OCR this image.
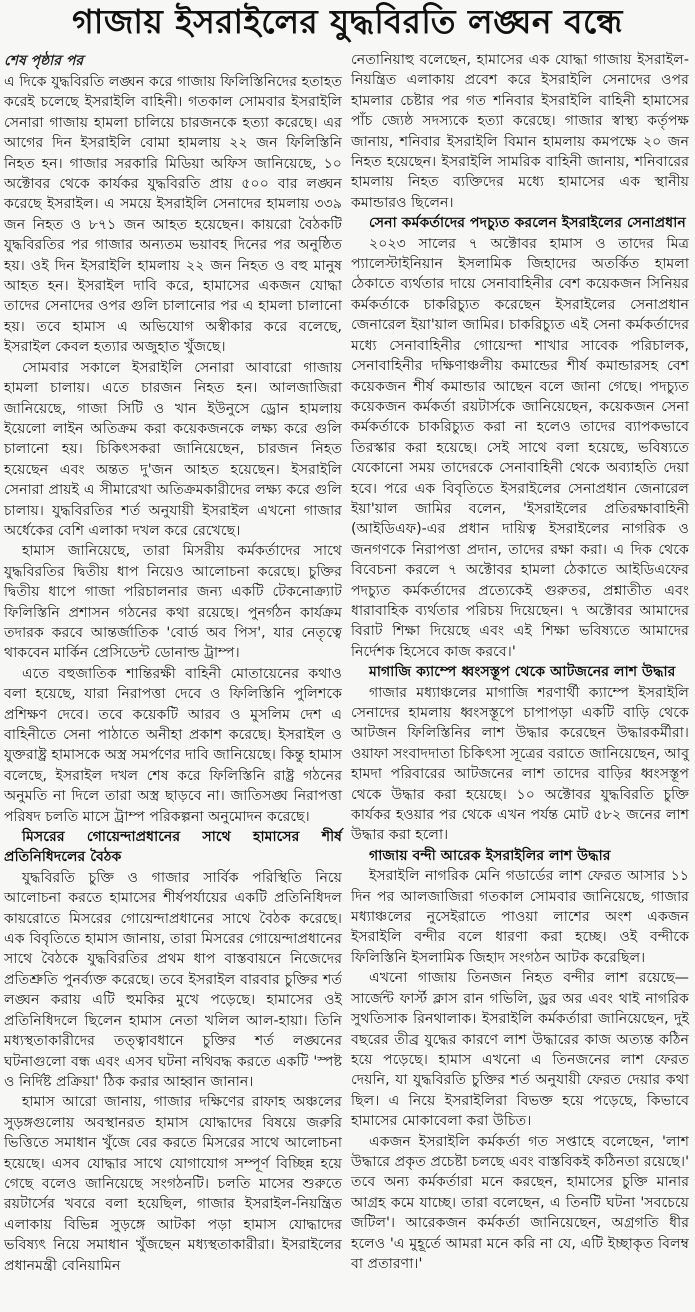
গাজায় ইসরাইলের যুদ্ধবিরতি লঙ্ঘন বন্ধে
শেষ পৃষ্ঠার পর

এ দিকে যুদ্ধবিরতি লঙ্ঘন করে গাজায় ফিলিস্তিনিদের হতাহত করেই চলেছে ইসরাইলি বাহিনী। গতকাল সোমবার ইসরাইলি সেনারা গাজায় হামলা চালিয়ে চারজনকে হত্যা করেছে। এর আগের দিন ইসরাইলি বোমা হামলায় ২২ জন ফিলিস্তিনি নিহত হন। গাজার সরকারি মিডিয়া অফিস জানিয়েছে, ১০ অক্টোবর থেকে কার্যকর যুদ্ধবিরতি প্রায় ৫০০ বার লঙ্ঘন করেছে ইসরাইল। এ সময়ে ইসরাইলি সেনাদের হামলায় ৩৩৯ জন নিহত ও ৮৭১ জন আহত হয়েছেন। কায়রো বৈঠকটি যুদ্ধবিরতির পর গাজার অন্যতম ভয়াবহ দিনের পর অনুষ্ঠিত হয়। ওই দিন ইসরাইলি হামলায় ২২ জন নিহত ও বহু মানুষ আহত হন। ইসরাইল দাবি করে, হামাসের একজন যোদ্ধা তাদের সেনাদের ওপর গুলি চালানোর পর এ হামলা চালানো হয়। তবে হামাস এ অভিযোগ অস্বীকার করে বলেছে, ইসরাইল কেবল হত্যার অজুহাত খুঁজছে।

সোমবার সকালে ইসরাইলি সেনারা আবারো গাজায় হামলা চালায়। এতে চারজন নিহত হন। আলজাজিরা জানিয়েছে, গাজা সিটি ও খান ইউনুসে ড্রোন হামলায় ইয়েলো লাইন অতিক্রম করা কয়েকজনকে লক্ষ্য করে গুলি চালানো হয়। চিকিৎসকরা জানিয়েছেন, চারজন নিহত হয়েছেন এবং অন্তত দু'জন আহত হয়েছেন। ইসরাইলি সেনারা প্রায়ই এ সীমারেখা অতিক্রমকারীদের লক্ষ্য করে গুলি চালায়। যুদ্ধবিরতির শর্ত অনুযায়ী ইসরাইল এখনো গাজার অর্ধেকের বেশি এলাকা দখল করে রেখেছে।

হামাস জানিয়েছে, তারা মিসরীয় কর্মকর্তাদের সাথে যুদ্ধবিরতির দ্বিতীয় ধাপ নিয়েও আলোচনা করেছে। চুক্তির দ্বিতীয় ধাপে গাজা পরিচালনার জন্য একটি টেকনোক্র্যাট ফিলিস্তিনি প্রশাসন গঠনের কথা রয়েছে। পুনর্গঠন কার্যক্রম তদারক করবে আন্তর্জাতিক 'বোর্ড অব পিস', যার নেতৃত্বে থাকবেন মার্কিন প্রেসিডেন্ট ডোনাল্ড ট্রাম্প।

এতে বহুজাতিক শান্তিরক্ষী বাহিনী মোতায়েনের কথাও বলা হয়েছে, যারা নিরাপত্তা দেবে ও ফিলিস্তিনি পুলিশকে প্রশিক্ষণ দেবে। তবে কয়েকটি আরব ও মুসলিম দেশ এ বাহিনীতে সেনা পাঠাতে অনীহা প্রকাশ করেছে। ইসরাইল ও যুক্তরাষ্ট্র হামাসকে অস্ত্র সমর্পণের দাবি জানিয়েছে। কিন্তু হামাস বলেছে, ইসরাইল দখল শেষ করে ফিলিস্তিনি রাষ্ট্র গঠনের অনুমতি না দিলে তারা অস্ত্র ছাড়বে না। জাতিসঙ্ঘ নিরাপত্তা পরিষদ চলতি মাসে ট্রাম্প পরিকল্পনা অনুমোদন করেছে।

মিসরের গোয়েন্দাপ্রধানের সাথে হামাসের শীর্ষ প্রতিনিধিদলের বৈঠক

যুদ্ধবিরতি চুক্তি ও গাজার সার্বিক পরিস্থিতি নিয়ে আলোচনা করতে হামাসের শীর্ষপর্যায়ের একটি প্রতিনিধিদল কায়রোতে মিসরের গোয়েন্দাপ্রধানের সাথে বৈঠক করেছে। এক বিবৃতিতে হামাস জানায়, তারা মিসরের গোয়েন্দাপ্রধানের সাথে বৈঠকে যুদ্ধবিরতির প্রথম ধাপ বাস্তবায়নে নিজেদের প্রতিশ্রুতি পুনর্ব্যক্ত করেছে। তবে ইসরাইল বারবার চুক্তির শর্ত লঙ্ঘন করায় এটি হুমকির মুখে পড়েছে। হামাসের ওই প্রতিনিধিদলে ছিলেন হামাস নেতা খলিল আল-হায়া। তিনি মধ্যস্থতাকারীদের তত্ত্বাবধানে চুক্তির শর্ত লঙ্ঘনের ঘটনাগুলো বন্ধ এবং এসব ঘটনা নথিবদ্ধ করতে একটি 'স্পষ্ট ও নির্দিষ্ট প্রক্রিয়া' ঠিক করার আহ্বান জানান।

হামাস আরো জানায়, গাজার দক্ষিণের রাফাহ অঞ্চলের সুড়ঙ্গগুলোয় অবস্থানরত হামাস যোদ্ধাদের বিষয়ে জরুরি ভিত্তিতে সমাধান খুঁজে বের করতে মিসরের সাথে আলোচনা হয়েছে। এসব যোদ্ধার সাথে যোগাযোগ সম্পূর্ণ বিচ্ছিন্ন হয়ে গেছে বলেও জানিয়েছে সংগঠনটি। চলতি মাসের শুরুতে রয়টার্সের খবরে বলা হয়েছিল, গাজার ইসরাইল-নিয়ন্ত্রিত এলাকায় বিভিন্ন সুড়ঙ্গে আটকা পড়া হামাস যোদ্ধাদের ভবিষ্যৎ নিয়ে সমাধান খুঁজছেন মধ্যস্থতাকারীরা। ইসরাইলের প্রধানমন্ত্রী বেনিয়ামিন

নেতানিয়াহু বলেছেন, হামাসের এক যোদ্ধা গাজায় ইসরাইল-নিয়ন্ত্রিত এলাকায় প্রবেশ করে ইসরাইলি সেনাদের ওপর হামলার চেষ্টার পর গত শনিবার ইসরাইলি বাহিনী হামাসের পাঁচ জ্যেষ্ঠ সদস্যকে হত্যা করেছে। গাজার স্বাস্থ্য কর্তৃপক্ষ জানায়, শনিবার ইসরাইলি বিমান হামলায় কমপক্ষে ২০ জন নিহত হয়েছেন। ইসরাইলি সামরিক বাহিনী জানায়, শনিবারের হামলায় নিহত ব্যক্তিদের মধ্যে হামাসের এক স্থানীয় কমান্ডারও ছিলেন।

সেনা কর্মকর্তাদের পদচ্যুত করলেন ইসরাইলের সেনাপ্রধান

২০২৩ সালের ৭ অক্টোবর হামাস ও তাদের মিত্র প্যালেস্টাইনিয়ান ইসলামিক জিহাদের অতর্কিত হামলা ঠেকাতে ব্যর্থতার দায়ে সেনাবাহিনীর বেশ কয়েকজন সিনিয়র কর্মকর্তাকে চাকরিচ্যুত করেছেন ইসরাইলের সেনাপ্রধান জেনারেল ইয়া'য়াল জামির। চাকরিচ্যুত এই সেনা কর্মকর্তাদের মধ্যে সেনাবাহিনীর গোয়েন্দা শাখার সাবেক পরিচালক, সেনাবাহিনীর দক্ষিণাঞ্চলীয় কমান্ডের শীর্ষ কমান্ডারসহ বেশ কয়েকজন শীর্ষ কমান্ডার আছেন বলে জানা গেছে। পদচ্যুত কয়েকজন কর্মকর্তা রয়টার্সকে জানিয়েছেন, কয়েকজন সেনা কর্মকর্তাকে চাকরিচ্যুত করা না হলেও তাদের ব্যাপকভাবে তিরস্কার করা হয়েছে। সেই সাথে বলা হয়েছে, ভবিষ্যতে যেকোনো সময় তাদেরকে সেনাবাহিনী থেকে অব্যাহতি দেয়া হবে। পরে এক বিবৃতিতে ইসরাইলের সেনাপ্রধান জেনারেল ইয়া'য়াল জামির বলেন, 'ইসরাইলের প্রতিরক্ষাবাহিনী (আইডিএফ)-এর প্রধান দায়িত্ব ইসরাইলের নাগরিক ও জনগণকে নিরাপত্তা প্রদান, তাদের রক্ষা করা। এ দিক থেকে বিবেচনা করলে ৭ অক্টোবর হামলা ঠেকাতে আইডিএফের পদচ্যুত কর্মকর্তাদের প্রত্যেকেই গুরুতর, প্রশ্নাতীত এবং ধারাবাহিক ব্যর্থতার পরিচয় দিয়েছেন। ৭ অক্টোবর আমাদের বিরাট শিক্ষা দিয়েছে এবং এই শিক্ষা ভবিষ্যতে আমাদের নির্দেশক হিসেবে কাজ করবে।'

মাগাজি ক্যাম্পে ধ্বংসস্তূপ থেকে আটজনের লাশ উদ্ধার

গাজার মধ্যাঞ্চলের মাগাজি শরণার্থী ক্যাম্পে ইসরাইলি সেনাদের হামলায় ধ্বংসস্তূপে চাপাপড়া একটি বাড়ি থেকে আটজন ফিলিস্তিনির লাশ উদ্ধার করেছেন উদ্ধারকর্মীরা। ওয়াফা সংবাদদাতা চিকিৎসা সূত্রের বরাতে জানিয়েছেন, আবু হামদা পরিবারের আটজনের লাশ তাদের বাড়ির ধ্বংসস্তূপ থেকে উদ্ধার করা হয়েছে। ১০ অক্টোবর যুদ্ধবিরতি চুক্তি কার্যকর হওয়ার পর থেকে এখন পর্যন্ত মোট ৫৮২ জনের লাশ উদ্ধার করা হলো।

গাজায় বন্দী আরেক ইসরাইলির লাশ উদ্ধার

ইসরাইলি নাগরিক মেনি গডার্ডের লাশ ফেরত আসার ১১ দিন পর আলজাজিরা গতকাল সোমবার জানিয়েছে, গাজার মধ্যাঞ্চলের নুসেইরাতে পাওয়া লাশের অংশ একজন ইসরাইলি বন্দীর বলে ধারণা করা হচ্ছে। ওই বন্দীকে ফিলিস্তিনি ইসলামিক জিহাদ সংগঠন আটক করেছিল।

এখনো গাজায় তিনজন নিহত বন্দীর লাশ রয়েছে— সার্জেন্ট ফার্স্ট ক্লাস রান গভিলি, ড্রর অর এবং থাই নাগরিক সুথতিসাক রিনথালাক। ইসরাইলি কর্মকর্তারা জানিয়েছেন, দুই বছরের তীব্র যুদ্ধের কারণে লাশ উদ্ধারের কাজ অত্যন্ত কঠিন হয়ে পড়েছে। হামাস এখনো এ তিনজনের লাশ ফেরত দেয়নি, যা যুদ্ধবিরতি চুক্তির শর্ত অনুযায়ী ফেরত দেয়ার কথা ছিল। এ নিয়ে ইসরাইলিরা বিভক্ত হয়ে পড়েছে, কিভাবে হামাসের মোকাবেলা করা উচিত।

একজন ইসরাইলি কর্মকর্তা গত সপ্তাহে বলেছেন, 'লাশ উদ্ধারে প্রকৃত প্রচেষ্টা চলছে এবং বাস্তবিকই কঠিনতা রয়েছে।' তবে অন্য কর্মকর্তারা মনে করছেন, হামাসের চুক্তি মানার আগ্রহ কমে যাচ্ছে। তারা বলেছেন, এ তিনটি ঘটনা 'সবচেয়ে জটিল'। আরেকজন কর্মকর্তা জানিয়েছেন, অগ্রগতি ধীর হলেও 'এ মুহূর্তে আমরা মনে করি না যে, এটি ইচ্ছাকৃত বিলম্ব বা প্রতারণা।'
